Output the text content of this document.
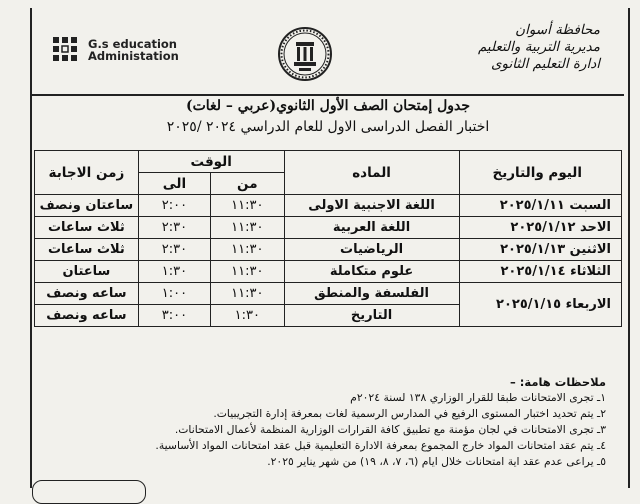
G.s education
Administation
محافظة أسوان
مديرية التربية والتعليم
ادارة التعليم الثانوى
جدول إمتحان الصف الأول الثانوي(عربي – لغات)
اختبار الفصل الدراسى الاول للعام الدراسي ٢٠٢٤ /٢٠٢٥
اليوم والتاريخ	الماده	الوقت		زمن الاجابة
		من	الى	
السبت ٢٠٢٥/١/١١	اللغة الاجنبية الاولى	١١:٣٠	٢:٠٠	ساعتان ونصف
الاحد ٢٠٢٥/١/١٢	اللغة العربية	١١:٣٠	٢:٣٠	ثلاث ساعات
الاثنين ٢٠٢٥/١/١٣	الرياضيات	١١:٣٠	٢:٣٠	ثلاث ساعات
الثلاثاء ٢٠٢٥/١/١٤	علوم متكاملة	١١:٣٠	١:٣٠	ساعتان
الاربعاء ٢٠٢٥/١/١٥	الفلسفة والمنطق	١١:٣٠	١:٠٠	ساعه ونصف
	التاريخ	١:٣٠	٣:٠٠	ساعه ونصف
ملاحظات هامة: –
١ـ تجرى الامتحانات طبقا للقرار الوزاري ١٣٨ لسنة ٢٠٢٤م
٢ـ يتم تحديد اختبار المستوى الرفيع في المدارس الرسمية لغات بمعرفة إدارة التجريبيات.
٣ـ تجرى الامتحانات في لجان مؤمنة مع تطبيق كافة القرارات الوزارية المنظمة لأعمال الامتحانات.
٤ـ يتم عقد امتحانات المواد خارج المجموع بمعرفة الادارة التعليمية قبل عقد امتحانات المواد الأساسية.
٥ـ يراعى عدم عقد اية امتحانات خلال ايام (٦، ٧، ٨، ١٩) من شهر يناير ٢٠٢٥.
